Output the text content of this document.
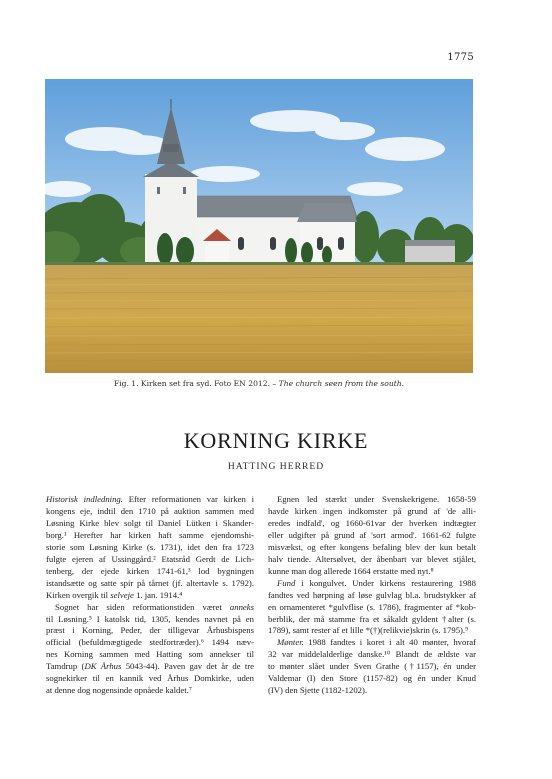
1775
Fig. 1. Kirken set fra syd. Foto EN 2012. – The church seen from the south.
KORNING KIRKE
HATTING HERRED
Historisk indledning. Efter reformationen var kirken i
kongens eje, indtil den 1710 på auktion sammen med
Løsning Kirke blev solgt til Daniel Lütken i Skander-
borg.¹ Herefter har kirken haft samme ejendomshi-
storie som Løsning Kirke (s. 1731), idet den fra 1723
fulgte ejeren af Ussinggård.² Etatsråd Gerdt de Lich-
tenberg, der ejede kirken 1741-61,³ lod bygningen
istandsætte og satte spir på tårnet (jf. altertavle s. 1792).
Kirken overgik til selveje 1. jan. 1914.⁴
Sognet har siden reformationstiden været anneks
til Løsning.⁵ I katolsk tid, 1305, kendes navnet på en
præst i Korning, Peder, der tilligevar Århusbispens
official (befuldmægtigede stedfortræder).⁶ 1494 næv-
nes Korning sammen med Hatting som annekser til
Tamdrup (DK Århus 5043-44). Paven gav det år de tre
sognekirker til en kannik ved Århus Domkirke, uden
at denne dog nogensinde opnåede kaldet.⁷
Egnen led stærkt under Svenskekrigene. 1658-59
havde kirken ingen indkomster på grund af 'de alli-
eredes indfald', og 1660-61var der hverken indtægter
eller udgifter på grund af 'sort armod'. 1661-62 fulgte
misvækst, og efter kongens befaling blev der kun betalt
halv tiende. Altersølvet, der åbenbart var blevet stjålet,
kunne man dog allerede 1664 erstatte med nyt.⁸
Fund i kongulvet. Under kirkens restaurering 1988
fandtes ved hørpning af løse gulvlag bl.a. brudstykker af
en ornamenteret *gulvflise (s. 1786), fragmenter af *kob-
berblik, der må stamme fra et såkaldt gyldent †alter (s.
1789), samt rester af et lille *(†)(relikvie)skrin (s. 1795).⁹
Mønter. 1988 fandtes i koret i alt 40 mønter, hvoraf
32 var middelalderlige danske.¹⁰ Blandt de ældste var
to mønter slået under Sven Grathe (†1157), én under
Valdemar (I) den Store (1157-82) og én under Knud
(IV) den Sjette (1182-1202).
